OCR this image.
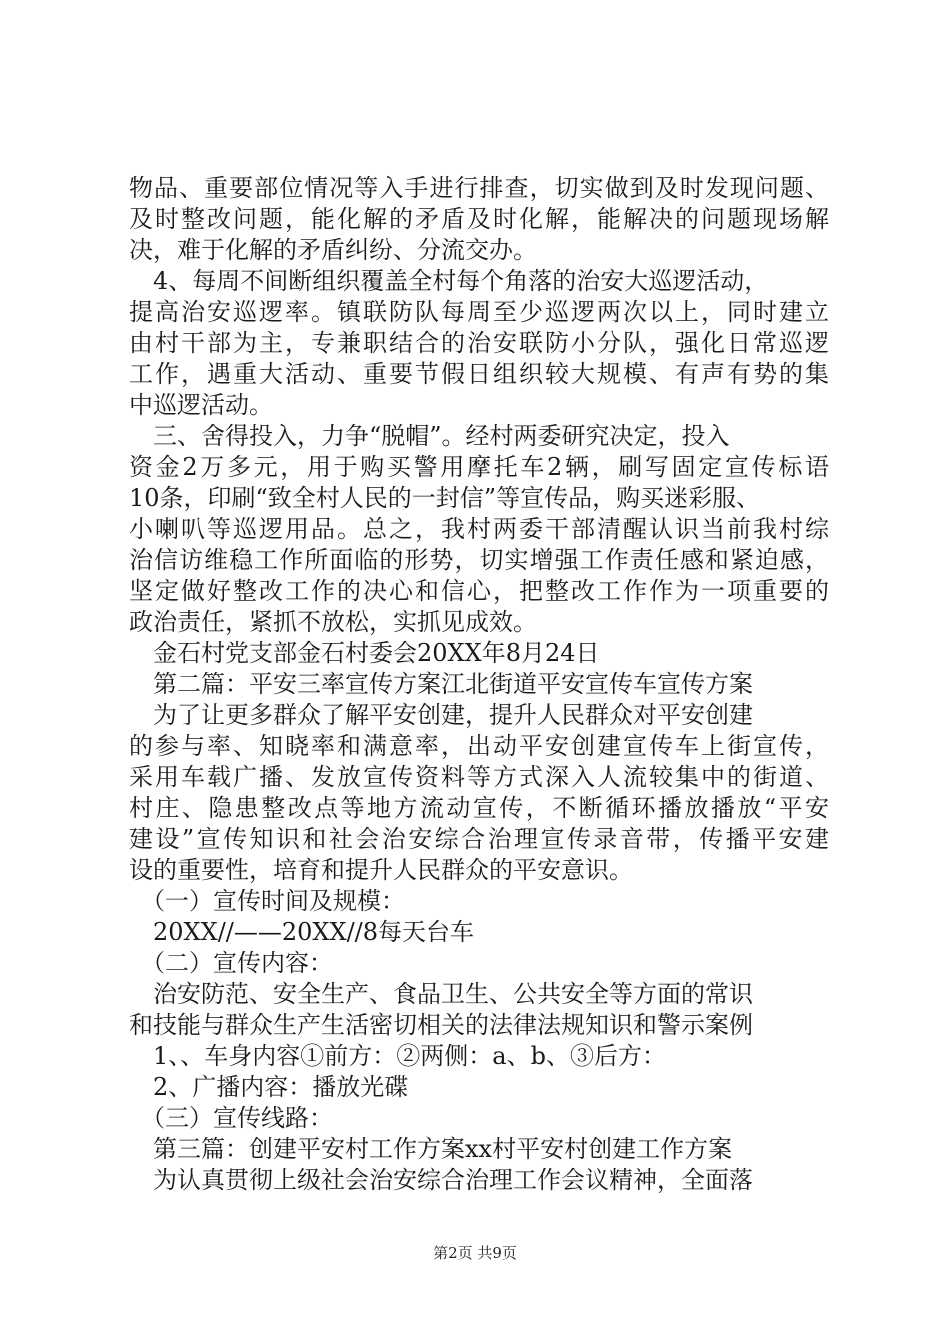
物品、重要部位情况等入手进行排查，切实做到及时发现问题、
及时整改问题，能化解的矛盾及时化解，能解决的问题现场解
决，难于化解的矛盾纠纷、分流交办。
　4、每周不间断组织覆盖全村每个角落的治安大巡逻活动，
提高治安巡逻率。镇联防队每周至少巡逻两次以上，同时建立
由村干部为主，专兼职结合的治安联防小分队，强化日常巡逻
工作，遇重大活动、重要节假日组织较大规模、有声有势的集
中巡逻活动。
　三、舍得投入，力争“脱帽”。经村两委研究决定，投入
资金2万多元，用于购买警用摩托车2辆，刷写固定宣传标语
10条，印刷“致全村人民的一封信”等宣传品，购买迷彩服、
小喇叭等巡逻用品。总之，我村两委干部清醒认识当前我村综
治信访维稳工作所面临的形势，切实增强工作责任感和紧迫感，
坚定做好整改工作的决心和信心，把整改工作作为一项重要的
政治责任，紧抓不放松，实抓见成效。
　金石村党支部金石村委会20XX年8月24日
　第二篇：平安三率宣传方案江北街道平安宣传车宣传方案
　为了让更多群众了解平安创建，提升人民群众对平安创建
的参与率、知晓率和满意率，出动平安创建宣传车上街宣传，
采用车载广播、发放宣传资料等方式深入人流较集中的街道、
村庄、隐患整改点等地方流动宣传，不断循环播放播放“平安
建设”宣传知识和社会治安综合治理宣传录音带，传播平安建
设的重要性，培育和提升人民群众的平安意识。
　（一）宣传时间及规模：
　20XX//——20XX//8每天台车
　（二）宣传内容：
　治安防范、安全生产、食品卫生、公共安全等方面的常识
和技能与群众生产生活密切相关的法律法规知识和警示案例
　1、、车身内容①前方：②两侧：a、b、③后方：
　2、广播内容：播放光碟
　（三）宣传线路：
　第三篇：创建平安村工作方案xx村平安村创建工作方案
　为认真贯彻上级社会治安综合治理工作会议精神，全面落
第2页 共9页
